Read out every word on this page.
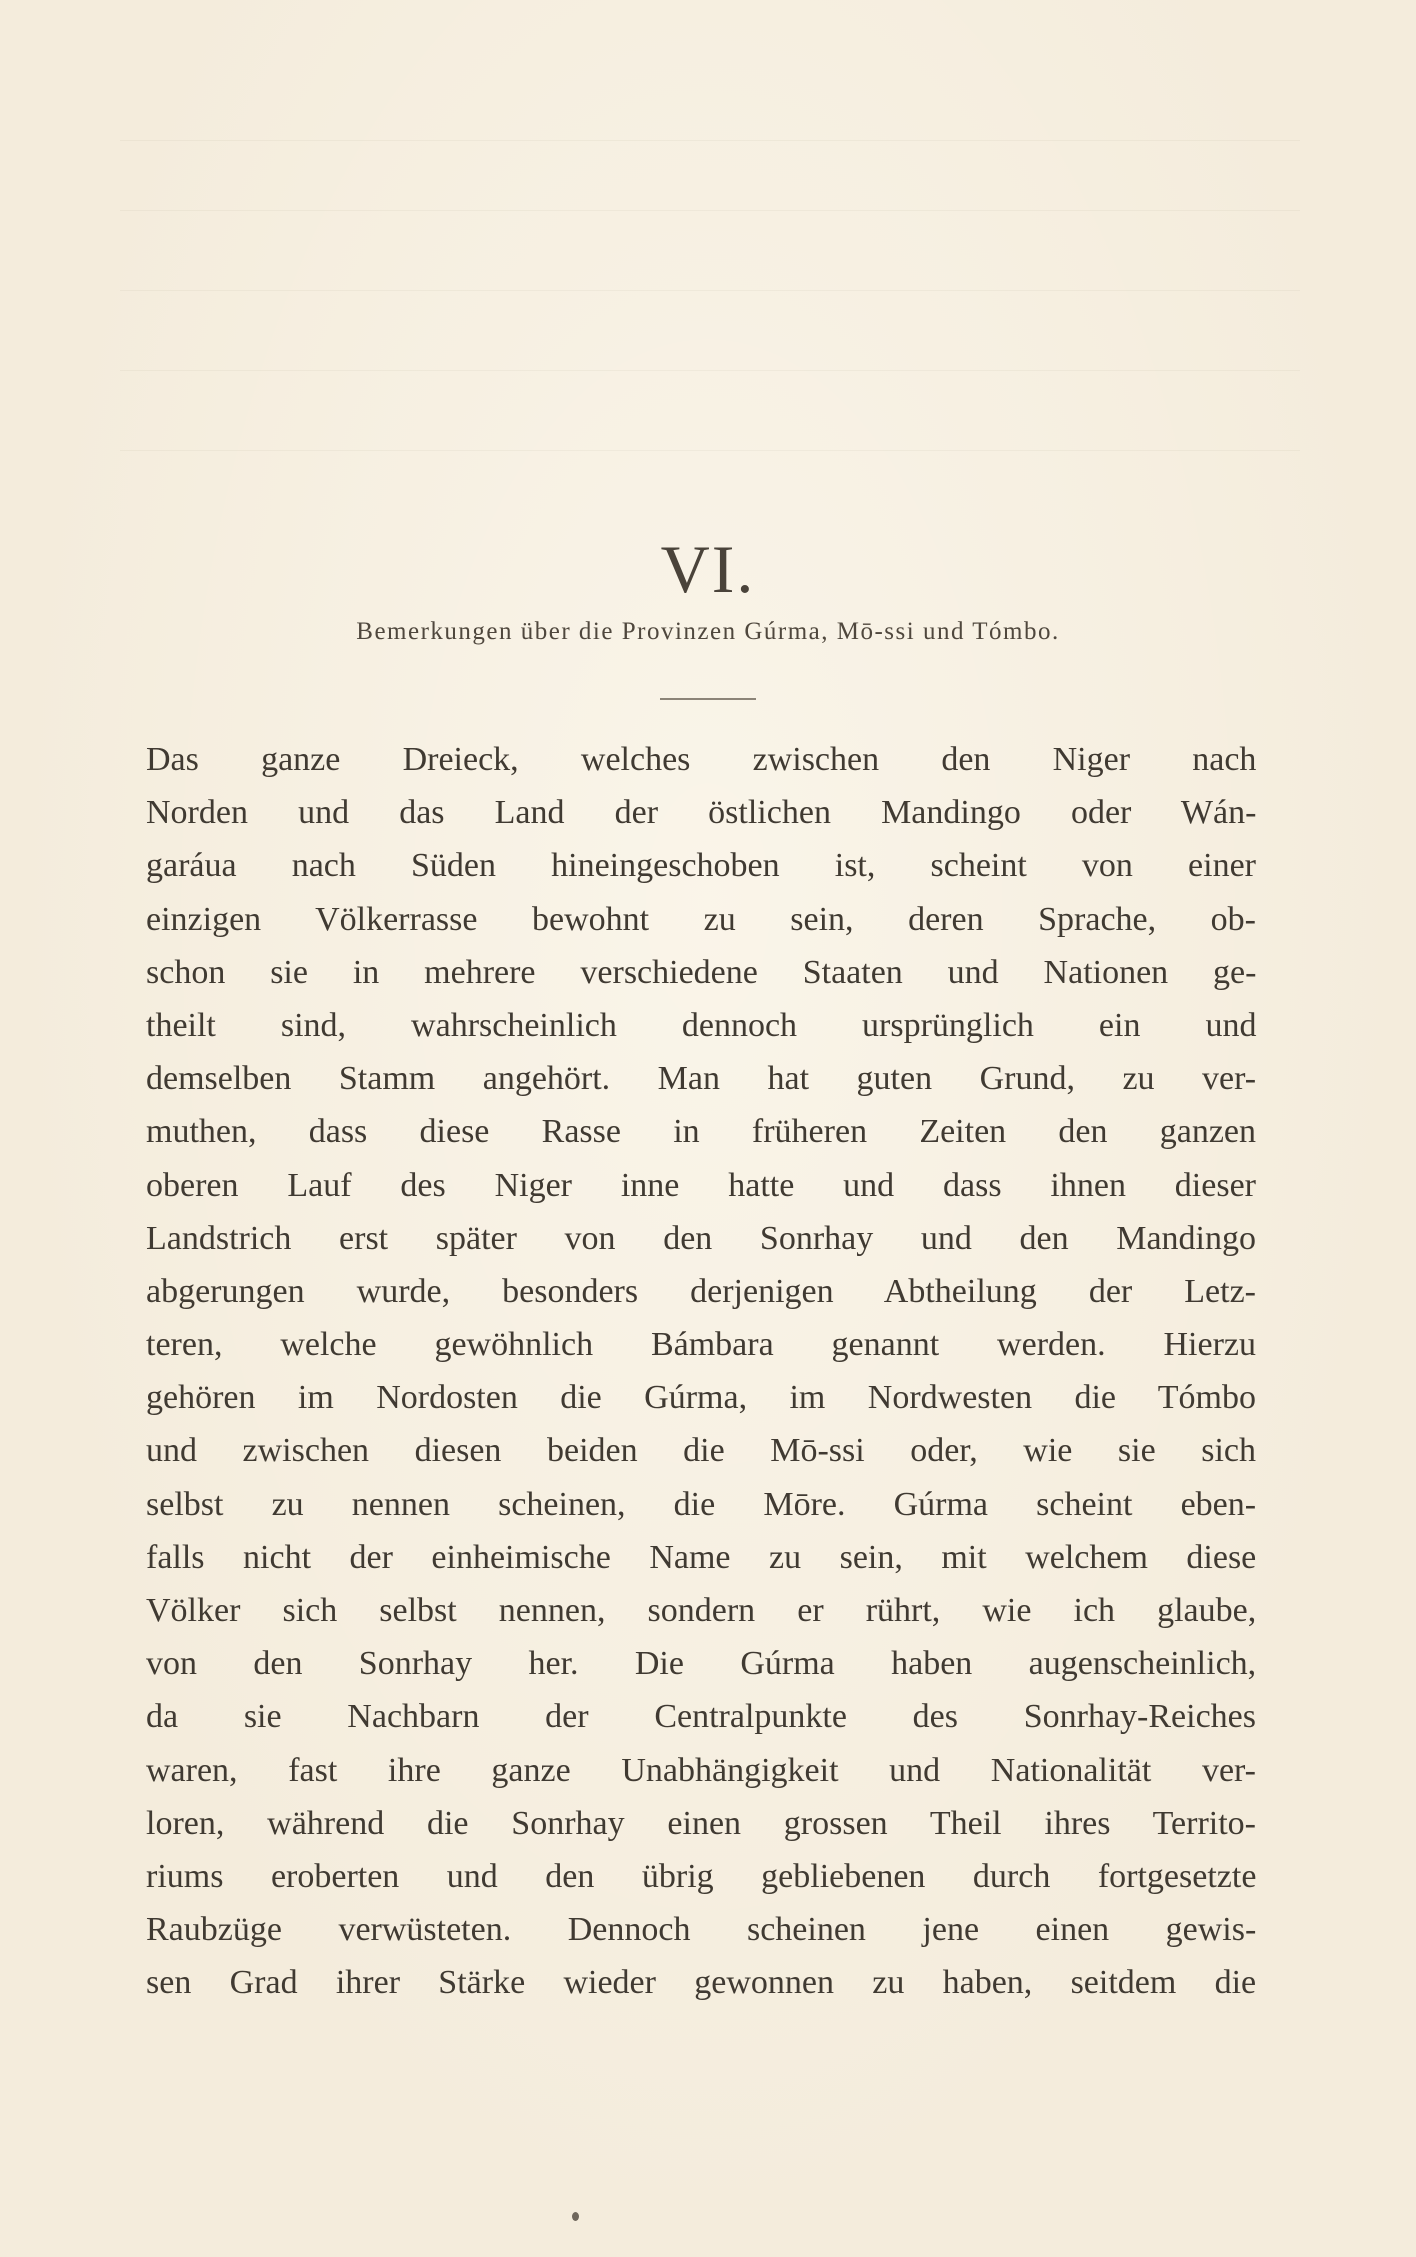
VI.
Bemerkungen über die Provinzen Gúrma, Mō-ssi und Tómbo.
Das ganze Dreieck, welches zwischen den Niger nach
Norden und das Land der östlichen Mandingo oder Wán-
garáua nach Süden hineingeschoben ist, scheint von einer
einzigen Völkerrasse bewohnt zu sein, deren Sprache, ob-
schon sie in mehrere verschiedene Staaten und Nationen ge-
theilt sind, wahrscheinlich dennoch ursprünglich ein und
demselben Stamm angehört. Man hat guten Grund, zu ver-
muthen, dass diese Rasse in früheren Zeiten den ganzen
oberen Lauf des Niger inne hatte und dass ihnen dieser
Landstrich erst später von den Sonrhay und den Mandingo
abgerungen wurde, besonders derjenigen Abtheilung der Letz-
teren, welche gewöhnlich Bámbara genannt werden. Hierzu
gehören im Nordosten die Gúrma, im Nordwesten die Tómbo
und zwischen diesen beiden die Mō-ssi oder, wie sie sich
selbst zu nennen scheinen, die Mōre. Gúrma scheint eben-
falls nicht der einheimische Name zu sein, mit welchem diese
Völker sich selbst nennen, sondern er rührt, wie ich glaube,
von den Sonrhay her. Die Gúrma haben augenscheinlich,
da sie Nachbarn der Centralpunkte des Sonrhay-Reiches
waren, fast ihre ganze Unabhängigkeit und Nationalität ver-
loren, während die Sonrhay einen grossen Theil ihres Territo-
riums eroberten und den übrig gebliebenen durch fortgesetzte
Raubzüge verwüsteten. Dennoch scheinen jene einen gewis-
sen Grad ihrer Stärke wieder gewonnen zu haben, seitdem die
